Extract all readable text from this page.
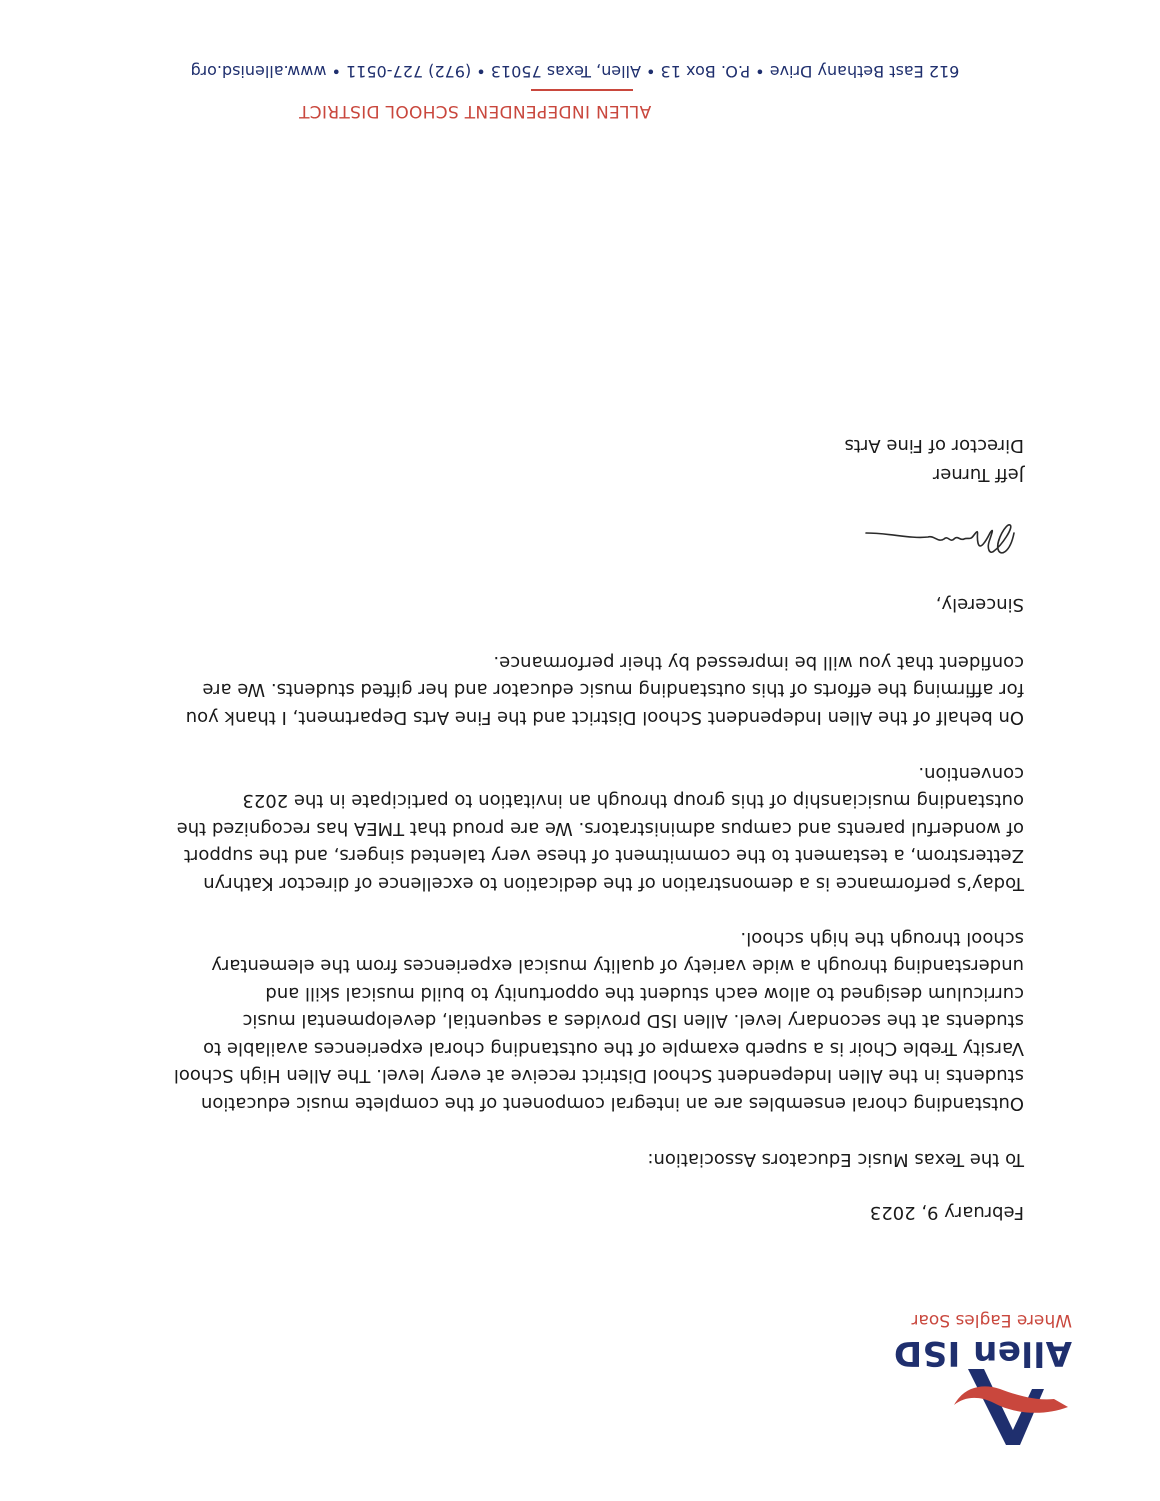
Allen ISD
Where Eagles Soar
February 9, 2023
To the Texas Music Educators Association:

Outstanding choral ensembles are an integral component of the complete music education students in the Allen Independent School District receive at every level. The Allen High School Varsity Treble Choir is a superb example of the outstanding choral experiences available to students at the secondary level. Allen ISD provides a sequential, developmental music curriculum designed to allow each student the opportunity to build musical skill and understanding through a wide variety of quality musical experiences from the elementary school through the high school.

Today’s performance is a demonstration of the dedication to excellence of director Kathryn Zetterstrom, a testament to the commitment of these very talented singers, and the support of wonderful parents and campus administrators. We are proud that TMEA has recognized the outstanding musicianship of this group through an invitation to participate in the 2023 convention.

On behalf of the Allen Independent School District and the Fine Arts Department, I thank you for affirming the efforts of this outstanding music educator and her gifted students. We are confident that you will be impressed by their performance.

Sincerely,
Jeff Turner
Director of Fine Arts
ALLEN INDEPENDENT SCHOOL DISTRICT
612 East Bethany Drive • P.O. Box 13 • Allen, Texas 75013 • (972) 727-0511 • www.allenisd.org
